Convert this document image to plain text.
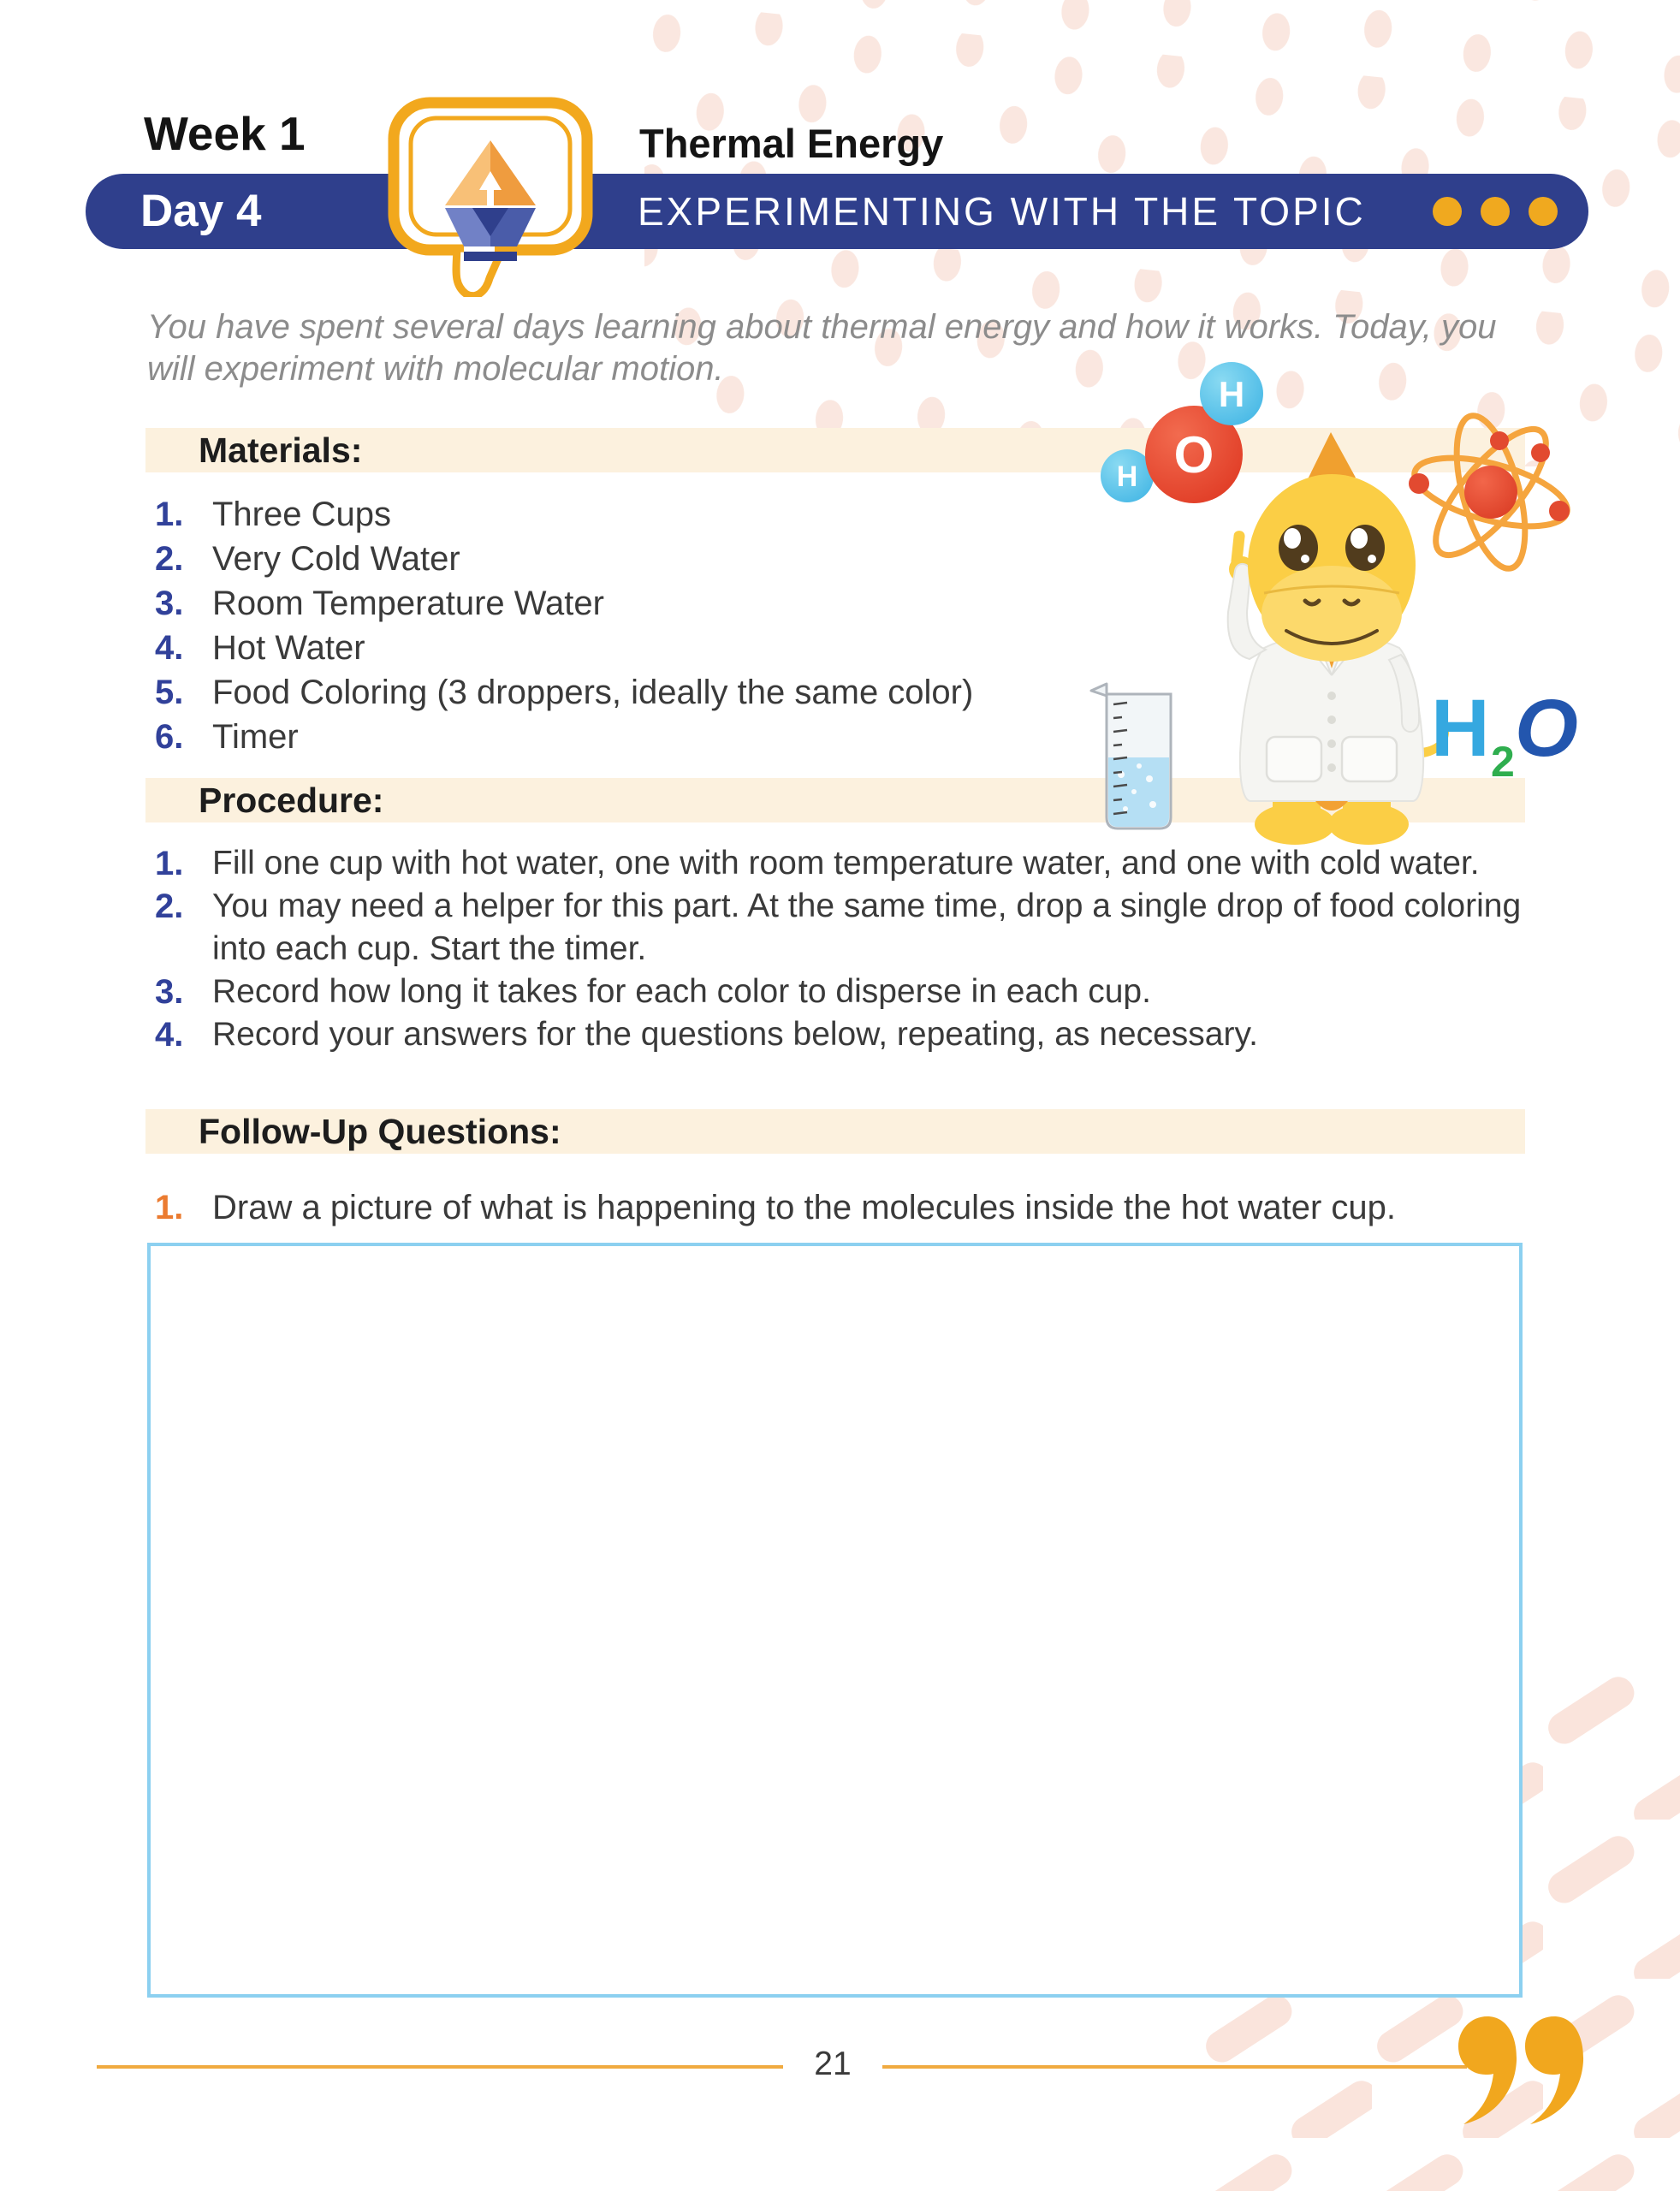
Week 1	Thermal Energy
Day 4	EXPERIMENTING WITH THE TOPIC
You have spent several days learning about thermal energy and how it works. Today, you will experiment with molecular motion.
Materials:
Procedure:
Follow-Up Questions:
1. Three Cups
2. Very Cold Water
3. Room Temperature Water
4. Hot Water
5. Food Coloring (3 droppers, ideally the same color)
6. Timer
1. Fill one cup with hot water, one with room temperature water, and one with cold water.
2. You may need a helper for this part. At the same time, drop a single drop of food coloring into each cup. Start the timer.
3. Record how long it takes for each color to disperse in each cup.
4. Record your answers for the questions below, repeating, as necessary.
1. Draw a picture of what is happening to the molecules inside the hot water cup.
O
H
H
H 2 O
21
